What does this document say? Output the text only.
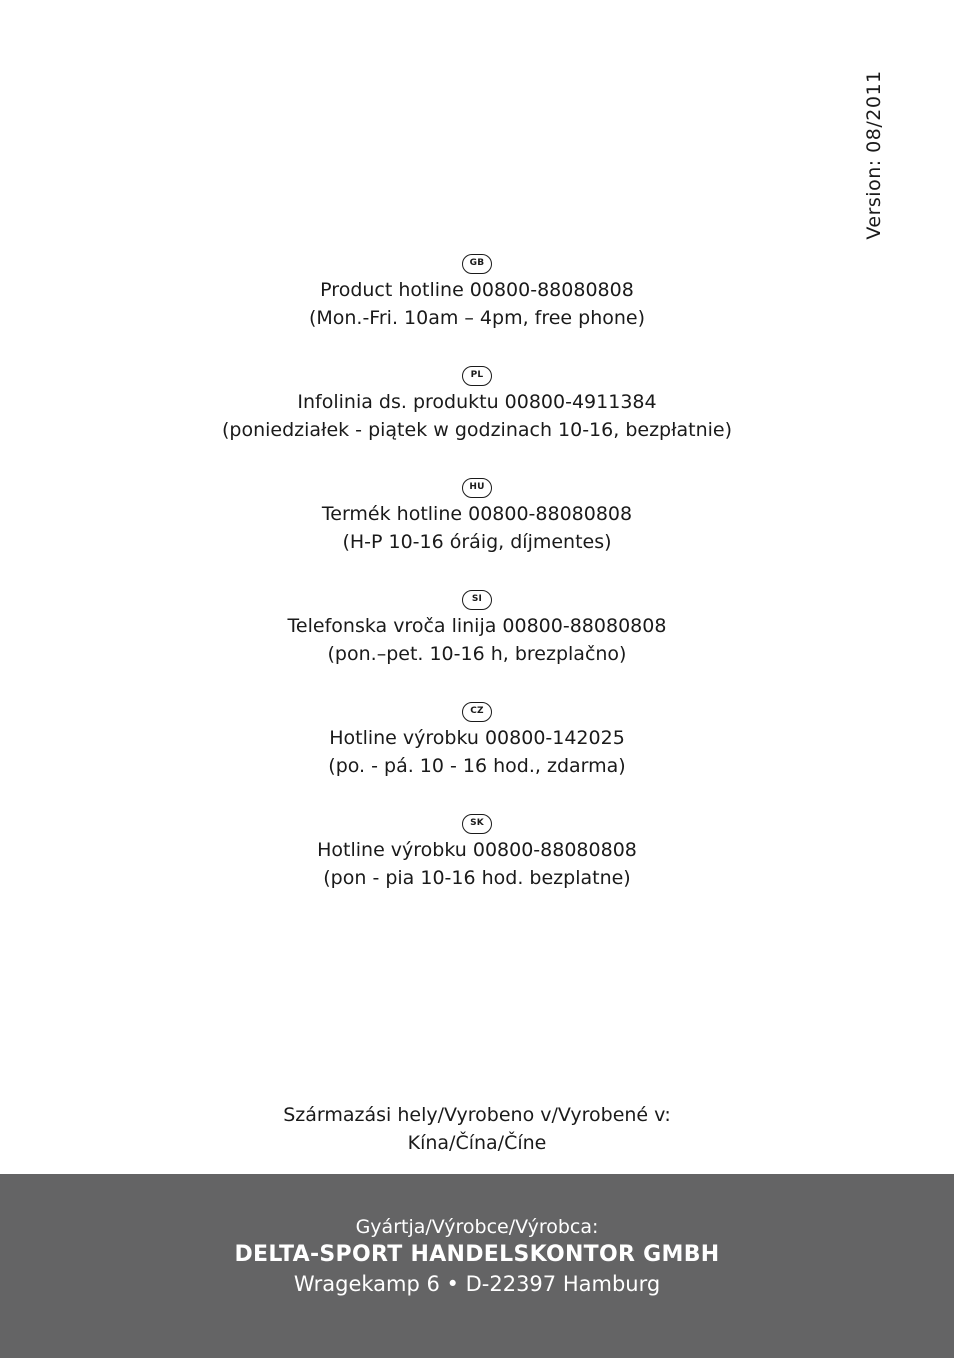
Version: 08/2011
GB
Product hotline 00800-88080808
(Mon.-Fri. 10am – 4pm, free phone)
PL
Infolinia ds. produktu 00800-4911384
(poniedziałek - piątek w godzinach 10-16, bezpłatnie)
HU
Termék hotline 00800-88080808
(H-P 10-16 óráig, díjmentes)
SI
Telefonska vroča linija 00800-88080808
(pon.–pet. 10-16 h, brezplačno)
CZ
Hotline výrobku 00800-142025
(po. - pá. 10 - 16 hod., zdarma)
SK
Hotline výrobku 00800-88080808
(pon - pia 10-16 hod. bezplatne)
Származási hely/Vyrobeno v/Vyrobené v:
Kína/Čína/Číne
Gyártja/Výrobce/Výrobca:
DELTA-SPORT HANDELSKONTOR GMBH
Wragekamp 6 • D-22397 Hamburg
